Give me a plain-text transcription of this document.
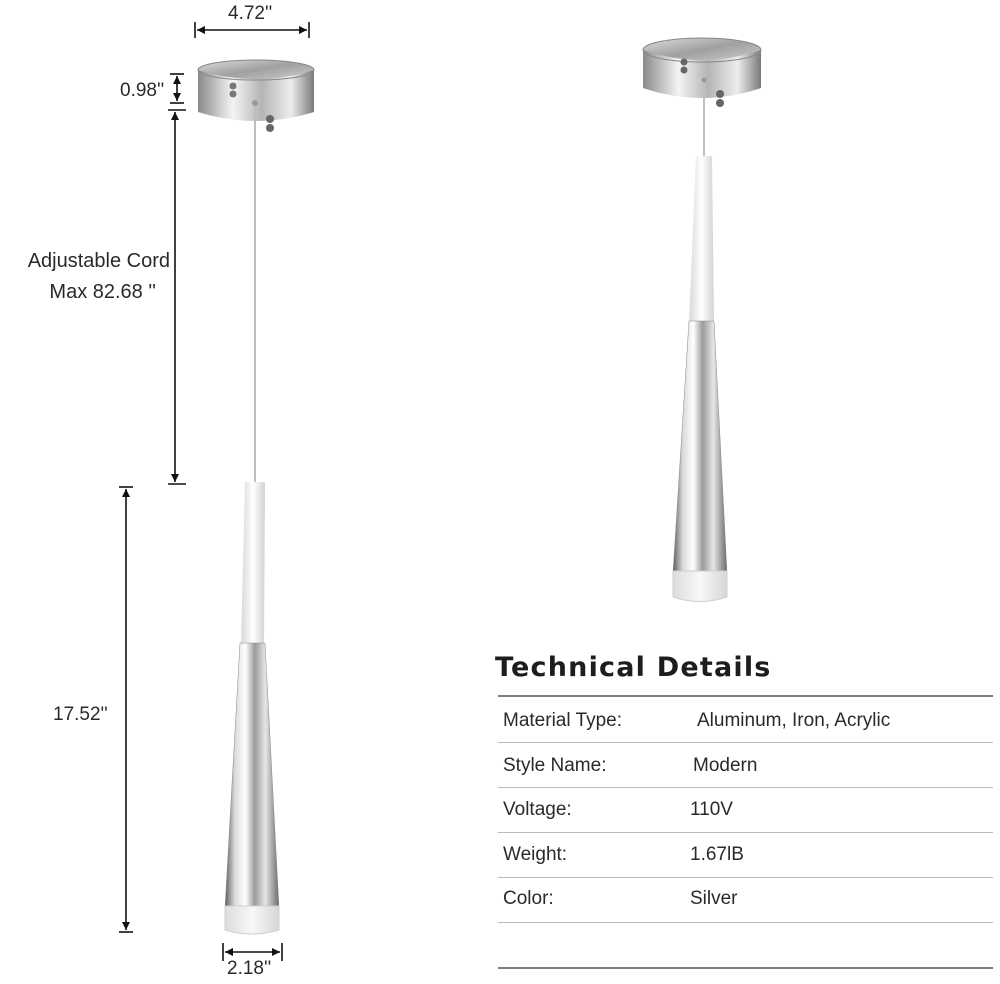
4.72''
0.98''
Adjustable Cord
Max 82.68 ''
17.52''
2.18''
Technical Details
Material Type:	Aluminum, Iron, Acrylic
Style Name:	Modern
Voltage:	110V
Weight:	1.67lB
Color:	Silver
